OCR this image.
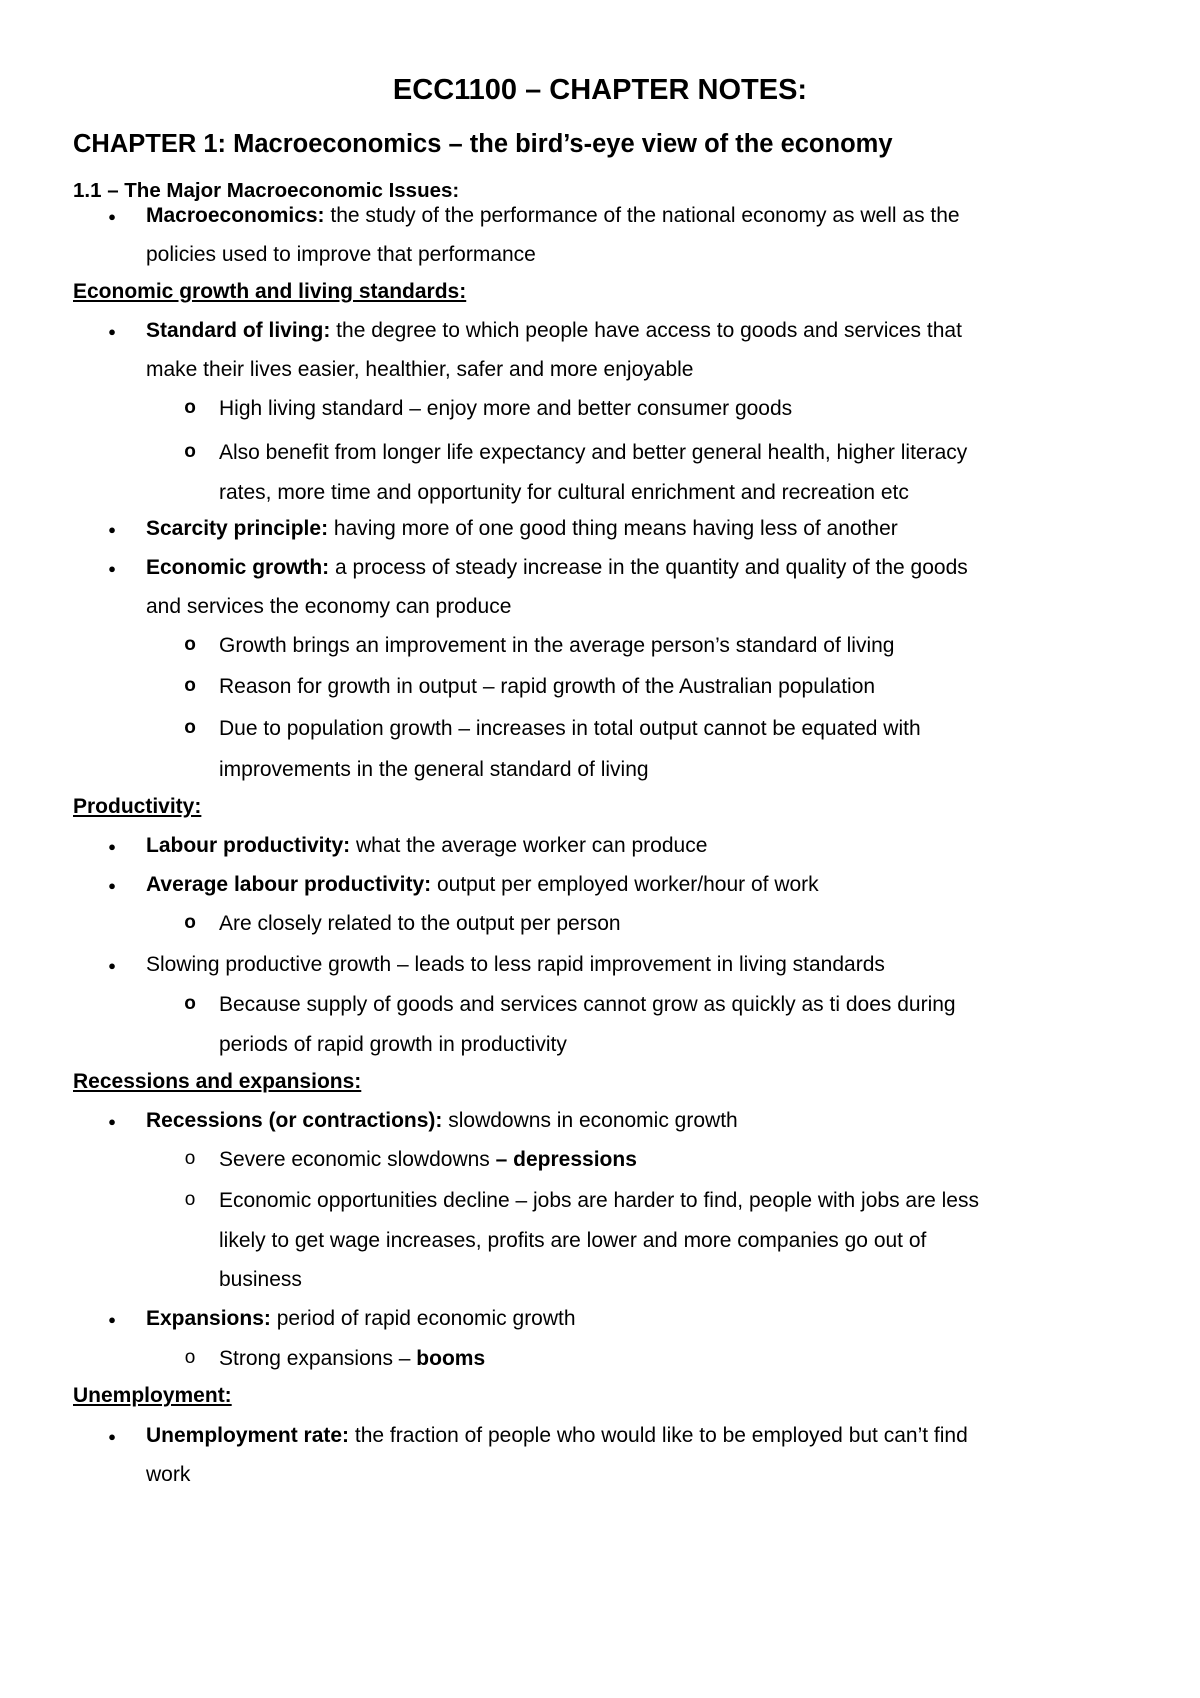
ECC1100 – CHAPTER NOTES:
CHAPTER 1: Macroeconomics – the bird’s-eye view of the economy
1.1 – The Major Macroeconomic Issues:
●
Macroeconomics: the study of the performance of the national economy as well as the
policies used to improve that performance
Economic growth and living standards:
●
Standard of living: the degree to which people have access to goods and services that
make their lives easier, healthier, safer and more enjoyable
o
High living standard – enjoy more and better consumer goods
o
Also benefit from longer life expectancy and better general health, higher literacy
rates, more time and opportunity for cultural enrichment and recreation etc
●
Scarcity principle: having more of one good thing means having less of another
●
Economic growth: a process of steady increase in the quantity and quality of the goods
and services the economy can produce
o
Growth brings an improvement in the average person’s standard of living
o
Reason for growth in output – rapid growth of the Australian population
o
Due to population growth – increases in total output cannot be equated with
improvements in the general standard of living
Productivity:
●
Labour productivity: what the average worker can produce
●
Average labour productivity: output per employed worker/hour of work
o
Are closely related to the output per person
●
Slowing productive growth – leads to less rapid improvement in living standards
o
Because supply of goods and services cannot grow as quickly as ti does during
periods of rapid growth in productivity
Recessions and expansions:
●
Recessions (or contractions): slowdowns in economic growth
o
Severe economic slowdowns – depressions
o
Economic opportunities decline – jobs are harder to find, people with jobs are less
likely to get wage increases, profits are lower and more companies go out of
business
●
Expansions: period of rapid economic growth
o
Strong expansions – booms
Unemployment:
●
Unemployment rate: the fraction of people who would like to be employed but can’t find
work
